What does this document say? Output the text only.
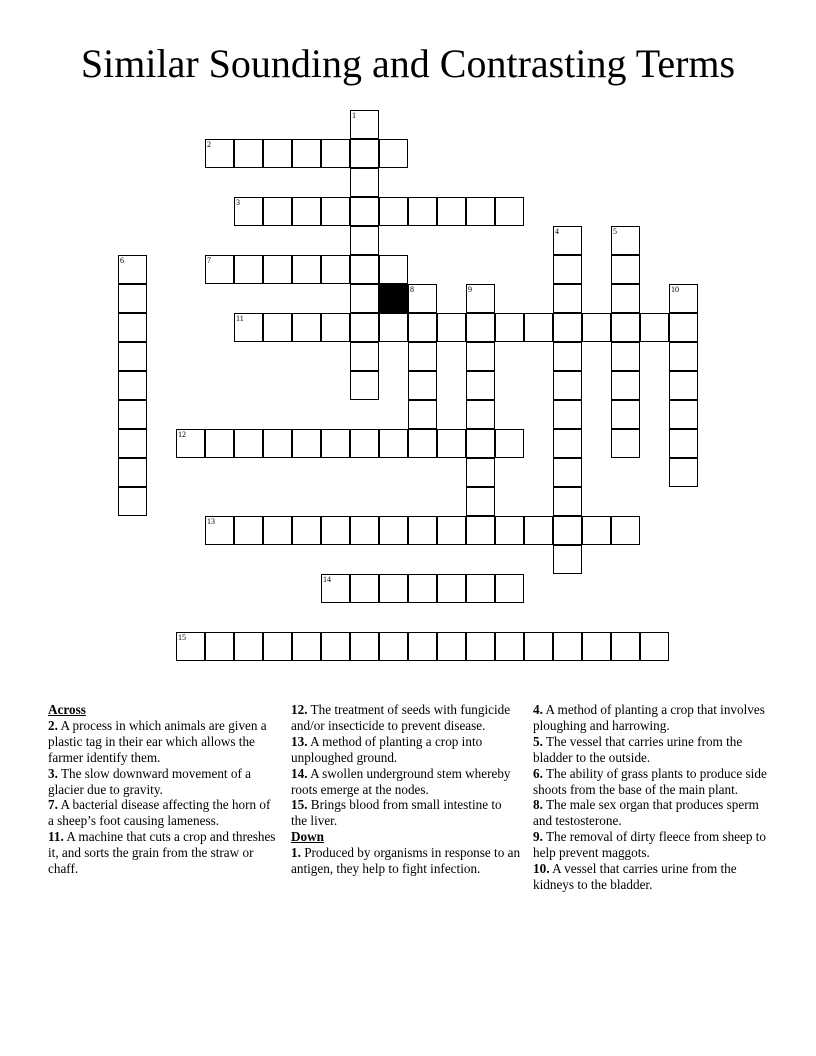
Similar Sounding and Contrasting Terms
2
3
7
11
12
13
14
15
1
4	5
6
8	9	10
Across

2. A process in which animals are given a plastic tag in their ear which allows the farmer identify them.

3. The slow downward movement of a glacier due to gravity.

7. A bacterial disease affecting the horn of a sheep’s foot causing lameness.

11. A machine that cuts a crop and threshes it, and sorts the grain from the straw or chaff.

12. The treatment of seeds with fungicide and/or insecticide to prevent disease.

13. A method of planting a crop into unploughed ground.

14. A swollen underground stem whereby roots emerge at the nodes.

15. Brings blood from small intestine to the liver.

Down

1. Produced by organisms in response to an antigen, they help to fight infection.

4. A method of planting a crop that involves ploughing and harrowing.

5. The vessel that carries urine from the bladder to the outside.

6. The ability of grass plants to produce side shoots from the base of the main plant.

8. The male sex organ that produces sperm and testosterone.

9. The removal of dirty fleece from sheep to help prevent maggots.

10. A vessel that carries urine from the kidneys to the bladder.
